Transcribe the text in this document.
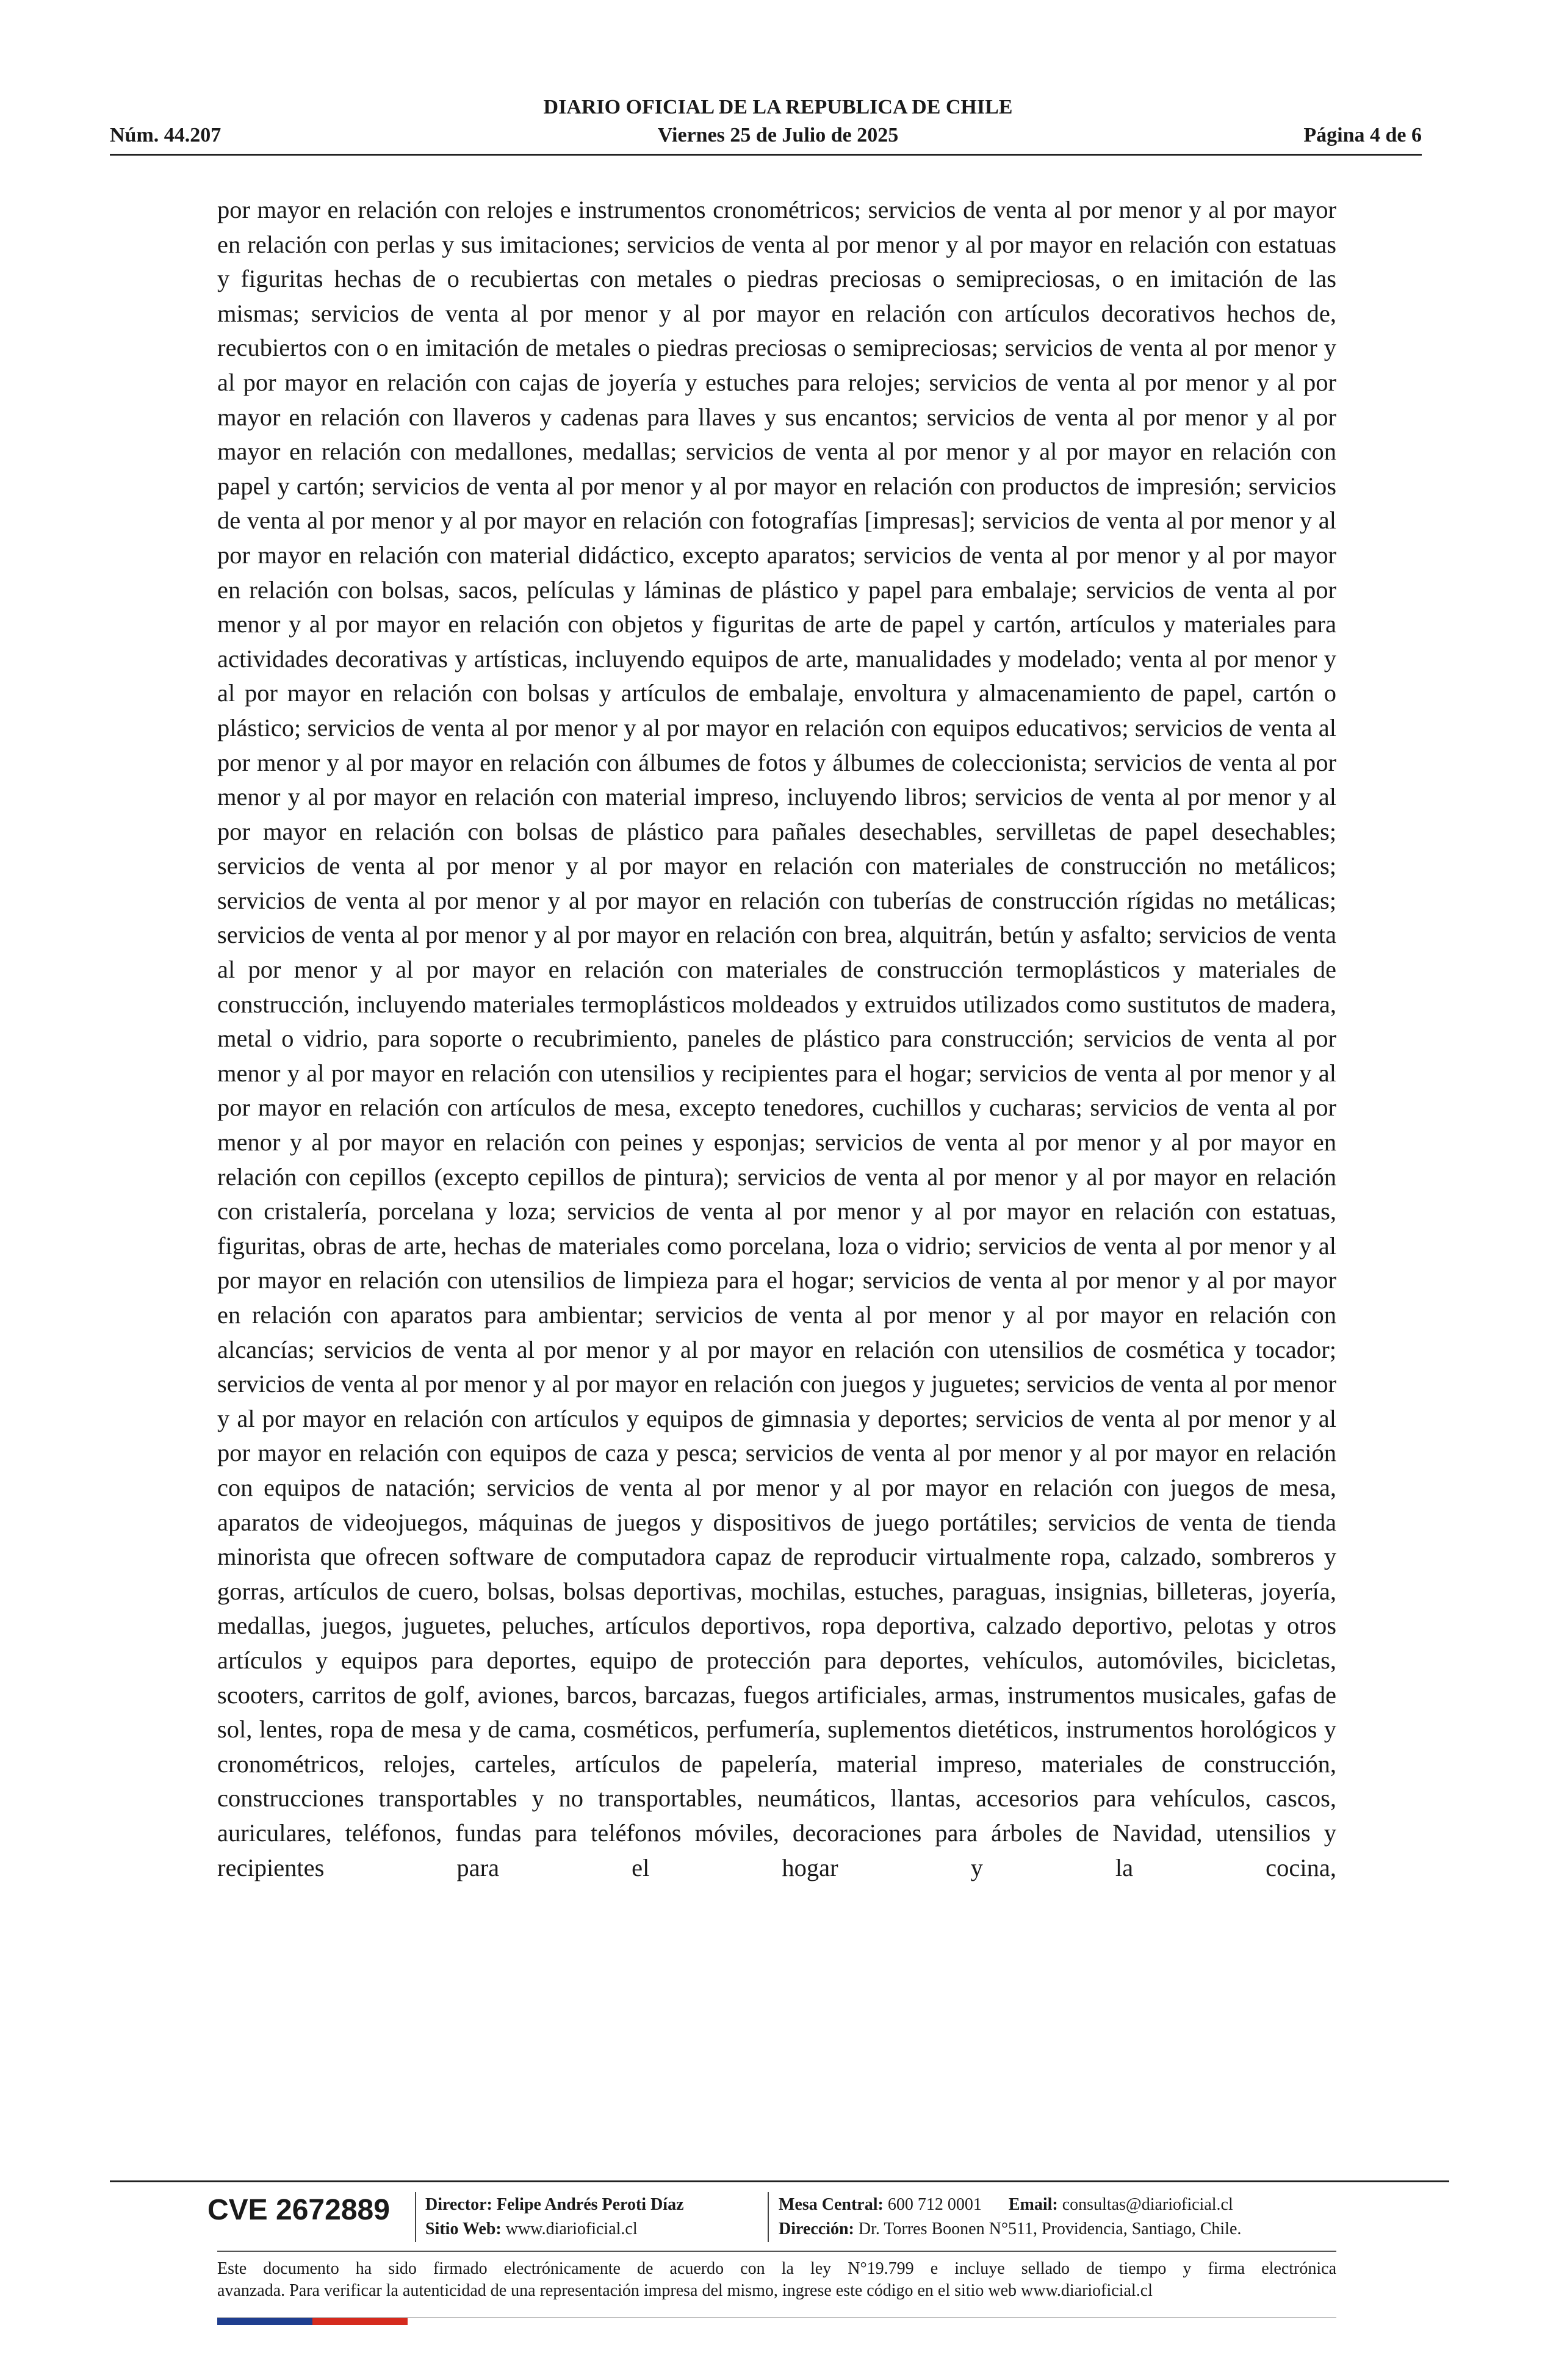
DIARIO OFICIAL DE LA REPUBLICA DE CHILE
Viernes 25 de Julio de 2025
Núm. 44.207	Página 4 de 6

por mayor en relación con relojes e instrumentos cronométricos; servicios de venta al por menor y al por mayor en relación con perlas y sus imitaciones; servicios de venta al por menor y al por mayor en relación con estatuas y figuritas hechas de o recubiertas con metales o piedras preciosas o semipreciosas, o en imitación de las mismas; servicios de venta al por menor y al por mayor en relación con artículos decorativos hechos de, recubiertos con o en imitación de metales o piedras preciosas o semipreciosas; servicios de venta al por menor y al por mayor en relación con cajas de joyería y estuches para relojes; servicios de venta al por menor y al por mayor en relación con llaveros y cadenas para llaves y sus encantos; servicios de venta al por menor y al por mayor en relación con medallones, medallas; servicios de venta al por menor y al por mayor en relación con papel y cartón; servicios de venta al por menor y al por mayor en relación con productos de impresión; servicios de venta al por menor y al por mayor en relación con fotografías [impresas]; servicios de venta al por menor y al por mayor en relación con material didáctico, excepto aparatos; servicios de venta al por menor y al por mayor en relación con bolsas, sacos, películas y láminas de plástico y papel para embalaje; servicios de venta al por menor y al por mayor en relación con objetos y figuritas de arte de papel y cartón, artículos y materiales para actividades decorativas y artísticas, incluyendo equipos de arte, manualidades y modelado; venta al por menor y al por mayor en relación con bolsas y artículos de embalaje, envoltura y almacenamiento de papel, cartón o plástico; servicios de venta al por menor y al por mayor en relación con equipos educativos; servicios de venta al por menor y al por mayor en relación con álbumes de fotos y álbumes de coleccionista; servicios de venta al por menor y al por mayor en relación con material impreso, incluyendo libros; servicios de venta al por menor y al por mayor en relación con bolsas de plástico para pañales desechables, servilletas de papel desechables; servicios de venta al por menor y al por mayor en relación con materiales de construcción no metálicos; servicios de venta al por menor y al por mayor en relación con tuberías de construcción rígidas no metálicas; servicios de venta al por menor y al por mayor en relación con brea, alquitrán, betún y asfalto; servicios de venta al por menor y al por mayor en relación con materiales de construcción termoplásticos y materiales de construcción, incluyendo materiales termoplásticos moldeados y extruidos utilizados como sustitutos de madera, metal o vidrio, para soporte o recubrimiento, paneles de plástico para construcción; servicios de venta al por menor y al por mayor en relación con utensilios y recipientes para el hogar; servicios de venta al por menor y al por mayor en relación con artículos de mesa, excepto tenedores, cuchillos y cucharas; servicios de venta al por menor y al por mayor en relación con peines y esponjas; servicios de venta al por menor y al por mayor en relación con cepillos (excepto cepillos de pintura); servicios de venta al por menor y al por mayor en relación con cristalería, porcelana y loza; servicios de venta al por menor y al por mayor en relación con estatuas, figuritas, obras de arte, hechas de materiales como porcelana, loza o vidrio; servicios de venta al por menor y al por mayor en relación con utensilios de limpieza para el hogar; servicios de venta al por menor y al por mayor en relación con aparatos para ambientar; servicios de venta al por menor y al por mayor en relación con alcancías; servicios de venta al por menor y al por mayor en relación con utensilios de cosmética y tocador; servicios de venta al por menor y al por mayor en relación con juegos y juguetes; servicios de venta al por menor y al por mayor en relación con artículos y equipos de gimnasia y deportes; servicios de venta al por menor y al por mayor en relación con equipos de caza y pesca; servicios de venta al por menor y al por mayor en relación con equipos de natación; servicios de venta al por menor y al por mayor en relación con juegos de mesa, aparatos de videojuegos, máquinas de juegos y dispositivos de juego portátiles; servicios de venta de tienda minorista que ofrecen software de computadora capaz de reproducir virtualmente ropa, calzado, sombreros y gorras, artículos de cuero, bolsas, bolsas deportivas, mochilas, estuches, paraguas, insignias, billeteras, joyería, medallas, juegos, juguetes, peluches, artículos deportivos, ropa deportiva, calzado deportivo, pelotas y otros artículos y equipos para deportes, equipo de protección para deportes, vehículos, automóviles, bicicletas, scooters, carritos de golf, aviones, barcos, barcazas, fuegos artificiales, armas, instrumentos musicales, gafas de sol, lentes, ropa de mesa y de cama, cosméticos, perfumería, suplementos dietéticos, instrumentos horológicos y cronométricos, relojes, carteles, artículos de papelería, material impreso, materiales de construcción, construcciones transportables y no transportables, neumáticos, llantas, accesorios para vehículos, cascos, auriculares, teléfonos, fundas para teléfonos móviles, decoraciones para árboles de Navidad, utensilios y recipientes para el hogar y la cocina,

CVE 2672889 Director: Felipe Andrés Peroti Díaz
Sitio Web: www.diarioficial.cl
Mesa Central: 600 712 0001 Email: consultas@diarioficial.cl
Dirección: Dr. Torres Boonen N°511, Providencia, Santiago, Chile.

Este documento ha sido firmado electrónicamente de acuerdo con la ley N°19.799 e incluye sellado de tiempo y firma electrónica

avanzada. Para verificar la autenticidad de una representación impresa del mismo, ingrese este código en el sitio web www.diarioficial.cl
